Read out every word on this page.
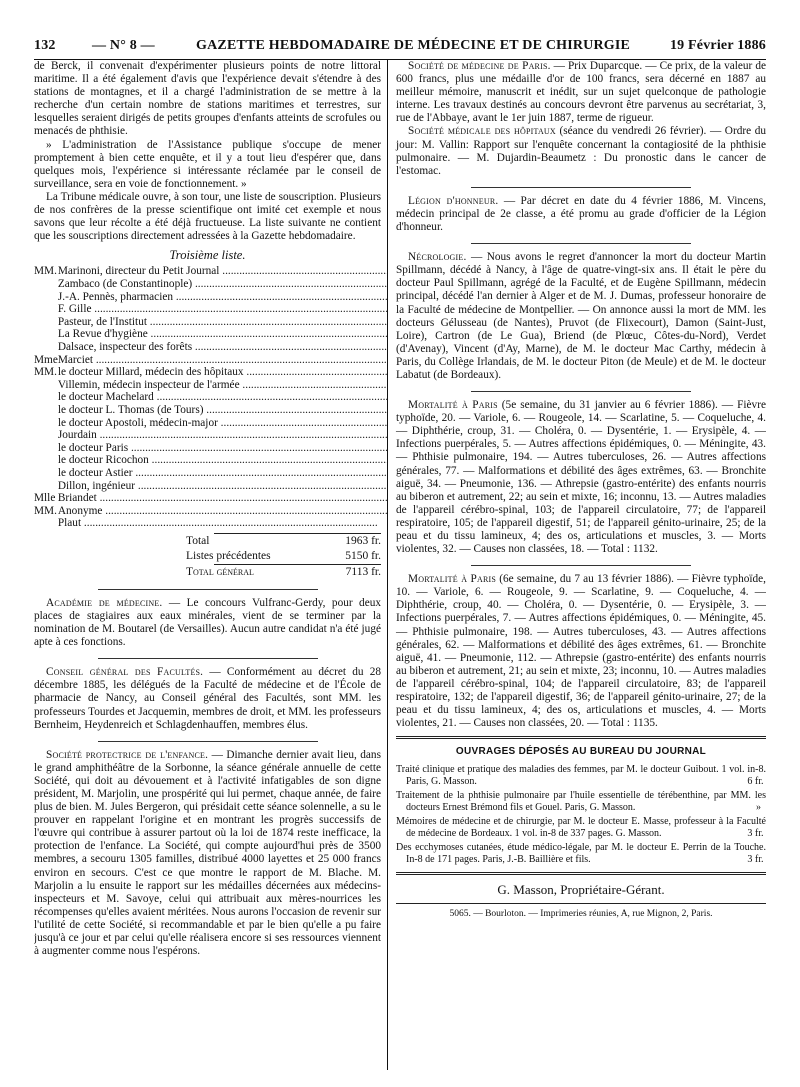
132	— N° 8 —	GAZETTE HEBDOMADAIRE DE MÉDECINE ET DE CHIRURGIE	19 Février 1886

de Berck, il convenait d'expérimenter plusieurs points de notre littoral maritime. Il a été également d'avis que l'expérience devait s'étendre à des stations de montagnes, et il a chargé l'administration de se mettre à la recherche d'un certain nombre de stations maritimes et terrestres, sur lesquelles seraient dirigés de petits groupes d'enfants atteints de scrofules ou menacés de phthisie.

» L'administration de l'Assistance publique s'occupe de mener promptement à bien cette enquête, et il y a tout lieu d'espérer que, dans quelques mois, l'expérience si intéressante réclamée par le conseil de surveillance, sera en voie de fonctionnement. »

La Tribune médicale ouvre, à son tour, une liste de souscription. Plusieurs de nos confrères de la presse scientifique ont imité cet exemple et nous savons que leur récolte a été déjà fructueuse. La liste suivante ne contient que les souscriptions directement adressées à la Gazette hebdomadaire.

Troisième liste.
MM.	Marinoni, directeur du Petit Journal .....	
	Zambaco (de Constantinople) .....	
	J.-A. Pennès, pharmacien .....	
	F. Gille .....	
	Pasteur, de l'Institut .....	
	La Revue d'hygiène .....	
	Dalsace, inspecteur des forêts .....	
Mme	Marciet .....	
MM.	le docteur Millard, médecin des hôpitaux .....	
	Villemin, médecin inspecteur de l'armée .....	
	le docteur Machelard .....	
	le docteur L. Thomas (de Tours) .....	
	le docteur Apostoli, médecin-major .....	
	Jourdain .....	
	le docteur Paris .....	
	le docteur Ricochon .....	
	le docteur Astier .....	
	Dillon, ingénieur .....	
Mlle	Briandet .....	
MM.	Anonyme .....	
	Plaut .....	
Total	1963 fr.
Listes précédentes	5150 fr.
Total général	7113 fr.

Académie de médecine. — Le concours Vulfranc-Gerdy, pour deux places de stagiaires aux eaux minérales, vient de se terminer par la nomination de M. Boutarel (de Versailles). Aucun autre candidat n'a été jugé apte à ces fonctions.

Conseil général des Facultés. — Conformément au décret du 28 décembre 1885, les délégués de la Faculté de médecine et de l'École de pharmacie de Nancy, au Conseil général des Facultés, sont MM. les professeurs Tourdes et Jacquemin, membres de droit, et MM. les professeurs Bernheim, Heydenreich et Schlagdenhauffen, membres élus.

Société protectrice de l'enfance. — Dimanche dernier avait lieu, dans le grand amphithéâtre de la Sorbonne, la séance générale annuelle de cette Société, qui doit au dévouement et à l'activité infatigables de son digne président, M. Marjolin, une prospérité qui lui permet, chaque année, de faire plus de bien. M. Jules Bergeron, qui présidait cette séance solennelle, a su le prouver en rappelant l'origine et en montrant les progrès successifs de l'œuvre qui contribue à assurer partout où la loi de 1874 reste inefficace, la protection de l'enfance. La Société, qui compte aujourd'hui près de 3500 membres, a secouru 1305 familles, distribué 4000 layettes et 25 000 francs environ en secours. C'est ce que montre le rapport de M. Blache. M. Marjolin a lu ensuite le rapport sur les médailles décernées aux médecins-inspecteurs et M. Savoye, celui qui attribuait aux mères-nourrices les récompenses qu'elles avaient méritées. Nous aurons l'occasion de revenir sur l'utilité de cette Société, si recommandable et par le bien qu'elle a pu faire jusqu'à ce jour et par celui qu'elle réalisera encore si ses ressources viennent à augmenter comme nous l'espérons.

Société de médecine de Paris. — Prix Duparcque. — Ce prix, de la valeur de 600 francs, plus une médaille d'or de 100 francs, sera décerné en 1887 au meilleur mémoire, manuscrit et inédit, sur un sujet quelconque de pathologie interne. Les travaux destinés au concours devront être parvenus au secrétariat, 3, rue de l'Abbaye, avant le 1er juin 1887, terme de rigueur.

Société médicale des hôpitaux (séance du vendredi 26 février). — Ordre du jour: M. Vallin: Rapport sur l'enquête concernant la contagiosité de la phthisie pulmonaire. — M. Dujardin-Beaumetz : Du pronostic dans le cancer de l'estomac.

Légion d'honneur. — Par décret en date du 4 février 1886, M. Vincens, médecin principal de 2e classe, a été promu au grade d'officier de la Légion d'honneur.

Nécrologie. — Nous avons le regret d'annoncer la mort du docteur Martin Spillmann, décédé à Nancy, à l'âge de quatre-vingt-six ans. Il était le père du docteur Paul Spillmann, agrégé de la Faculté, et de Eugène Spillmann, médecin principal, décédé l'an dernier à Alger et de M. J. Dumas, professeur honoraire de la Faculté de médecine de Montpellier. — On annonce aussi la mort de MM. les docteurs Gélusseau (de Nantes), Pruvot (de Flixecourt), Damon (Saint-Just, Loire), Cartron (de Le Gua), Briend (de Plœuc, Côtes-du-Nord), Verdet (d'Avenay), Vincent (d'Ay, Marne), de M. le docteur Mac Carthy, médecin à Paris, du Collège Irlandais, de M. le docteur Piton (de Meule) et de M. le docteur Labatut (de Bordeaux).

Mortalité à Paris (5e semaine, du 31 janvier au 6 février 1886). — Fièvre typhoïde, 20. — Variole, 6. — Rougeole, 14. — Scarlatine, 5. — Coqueluche, 4. — Diphthérie, croup, 31. — Choléra, 0. — Dysentérie, 1. — Erysipèle, 4. — Infections puerpérales, 5. — Autres affections épidémiques, 0. — Méningite, 43. — Phthisie pulmonaire, 194. — Autres tuberculoses, 26. — Autres affections générales, 77. — Malformations et débilité des âges extrêmes, 63. — Bronchite aiguë, 34. — Pneumonie, 136. — Athrepsie (gastro-entérite) des enfants nourris au biberon et autrement, 22; au sein et mixte, 16; inconnu, 13. — Autres maladies de l'appareil cérébro-spinal, 103; de l'appareil circulatoire, 77; de l'appareil respiratoire, 105; de l'appareil digestif, 51; de l'appareil génito-urinaire, 25; de la peau et du tissu lamineux, 4; des os, articulations et muscles, 3. — Morts violentes, 32. — Causes non classées, 18. — Total : 1132.

Mortalité à Paris (6e semaine, du 7 au 13 février 1886). — Fièvre typhoïde, 10. — Variole, 6. — Rougeole, 9. — Scarlatine, 9. — Coqueluche, 4. — Diphthérie, croup, 40. — Choléra, 0. — Dysentérie, 0. — Erysipèle, 3. — Infections puerpérales, 7. — Autres affections épidémiques, 0. — Méningite, 45. — Phthisie pulmonaire, 198. — Autres tuberculoses, 43. — Autres affections générales, 62. — Malformations et débilité des âges extrêmes, 61. — Bronchite aiguë, 41. — Pneumonie, 112. — Athrepsie (gastro-entérite) des enfants nourris au biberon et autrement, 21; au sein et mixte, 23; inconnu, 10. — Autres maladies de l'appareil cérébro-spinal, 104; de l'appareil circulatoire, 83; de l'appareil respiratoire, 132; de l'appareil digestif, 36; de l'appareil génito-urinaire, 27; de la peau et du tissu lamineux, 4; des os, articulations et muscles, 4. — Morts violentes, 21. — Causes non classées, 20. — Total : 1135.

OUVRAGES DÉPOSÉS AU BUREAU DU JOURNAL

Traité clinique et pratique des maladies des femmes, par M. le docteur Guibout. 1 vol. in-8. Paris, G. Masson.	6 fr.

Traitement de la phthisie pulmonaire par l'huile essentielle de térébenthine, par MM. les docteurs Ernest Brémond fils et Gouel. Paris, G. Masson.	»

Mémoires de médecine et de chirurgie, par M. le docteur E. Masse, professeur à la Faculté de médecine de Bordeaux. 1 vol. in-8 de 337 pages. G. Masson.	3 fr.

Des ecchymoses cutanées, étude médico-légale, par M. le docteur E. Perrin de la Touche. In-8 de 171 pages. Paris, J.-B. Baillière et fils.	3 fr.

G. Masson, Propriétaire-Gérant.
5065. — Bourloton. — Imprimeries réunies, A, rue Mignon, 2, Paris.
